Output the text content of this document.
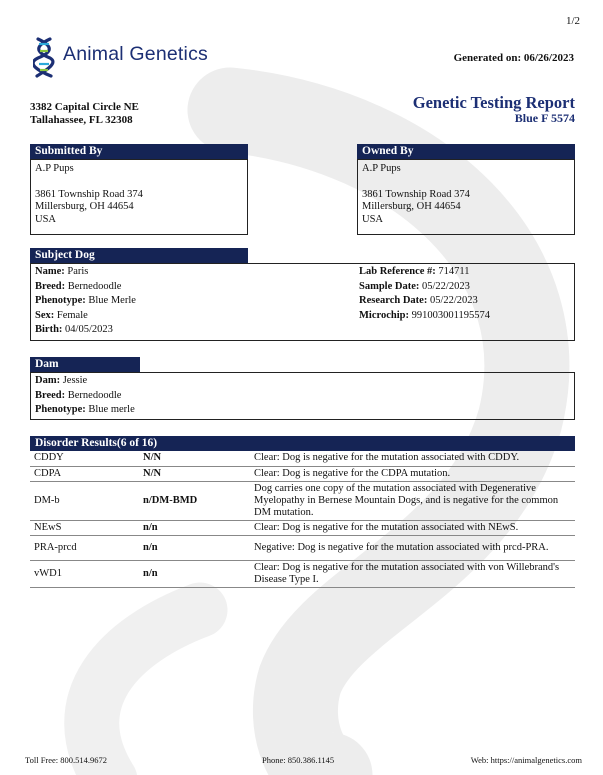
1/2
Animal Genetics	Generated on: 06/26/2023
3382 Capital Circle NE
Tallahassee, FL 32308
Genetic Testing Report
Blue F 5574
Submitted By
A.P Pups
3861 Township Road 374
Millersburg, OH 44654
USA
Owned By
A.P Pups
3861 Township Road 374
Millersburg, OH 44654
USA
Subject Dog
Name: Paris
Breed: Bernedoodle
Phenotype: Blue Merle
Sex: Female
Birth: 04/05/2023
Lab Reference #: 714711
Sample Date: 05/22/2023
Research Date: 05/22/2023
Microchip: 991003001195574
Dam
Dam: Jessie
Breed: Bernedoodle
Phenotype: Blue merle
Disorder Results(6 of 16)
CDDY	N/N	Clear: Dog is negative for the mutation associated with CDDY.
CDPA	N/N	Clear: Dog is negative for the CDPA mutation.
DM-b	n/DM-BMD	Dog carries one copy of the mutation associated with Degenerative Myelopathy in Bernese Mountain Dogs, and is negative for the common DM mutation.
NEwS	n/n	Clear: Dog is negative for the mutation associated with NEwS.
PRA-prcd	n/n	Negative: Dog is negative for the mutation associated with prcd-PRA.
vWD1	n/n	Clear: Dog is negative for the mutation associated with von Willebrand's Disease Type I.
Toll Free: 800.514.9672	Phone: 850.386.1145	Web: https://animalgenetics.com
